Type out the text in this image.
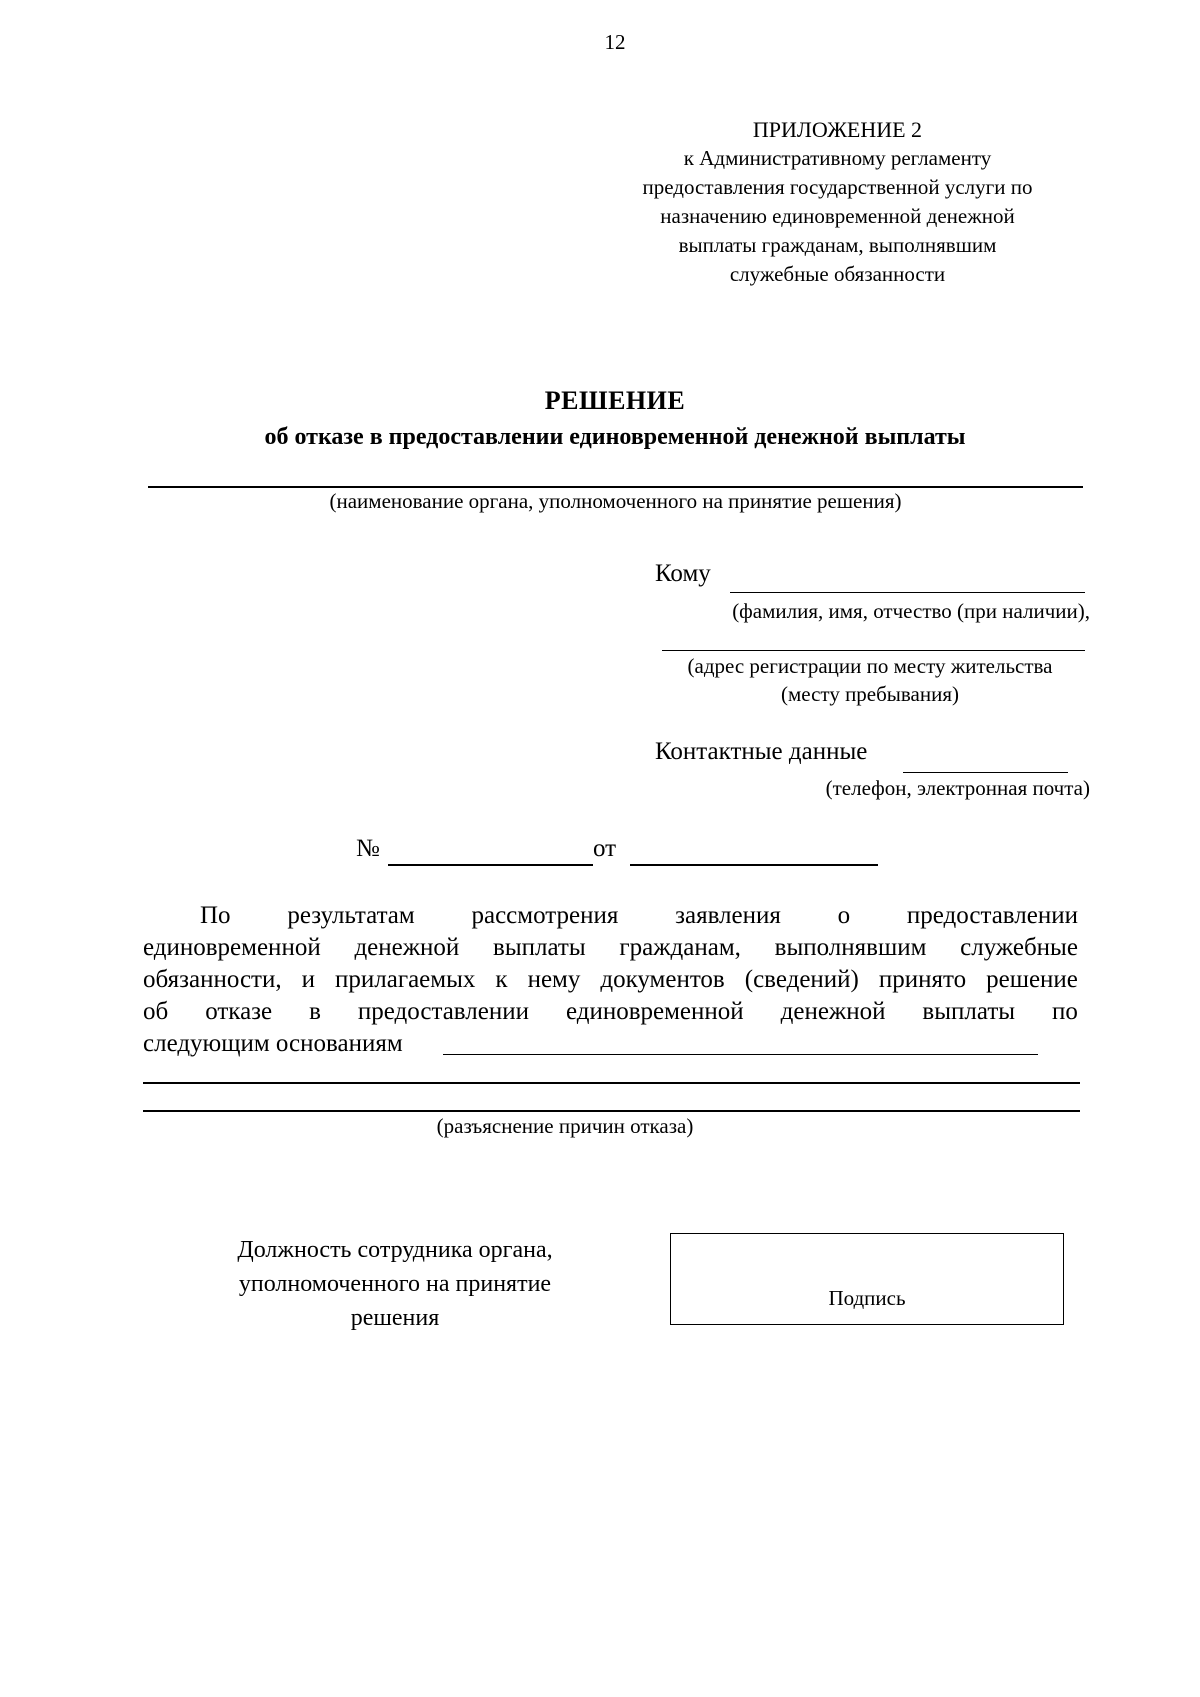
12
ПРИЛОЖЕНИЕ 2
к Административному регламенту
предоставления государственной услуги по
назначению единовременной денежной
выплаты гражданам, выполнявшим
служебные обязанности
РЕШЕНИЕ
об отказе в предоставлении единовременной денежной выплаты
(наименование органа, уполномоченного на принятие решения)
Кому
(фамилия, имя, отчество (при наличии),
(адрес регистрации по месту жительства
(месту пребывания)
Контактные данные
(телефон, электронная почта)
№	от
По результатам рассмотрения заявления о предоставлении
единовременной денежной выплаты гражданам, выполнявшим служебные
обязанности, и прилагаемых к нему документов (сведений) принято решение
об отказе в предоставлении единовременной денежной выплаты по
следующим основаниям
(разъяснение причин отказа)
Должность сотрудника органа,
уполномоченного на принятие
решения
Подпись
